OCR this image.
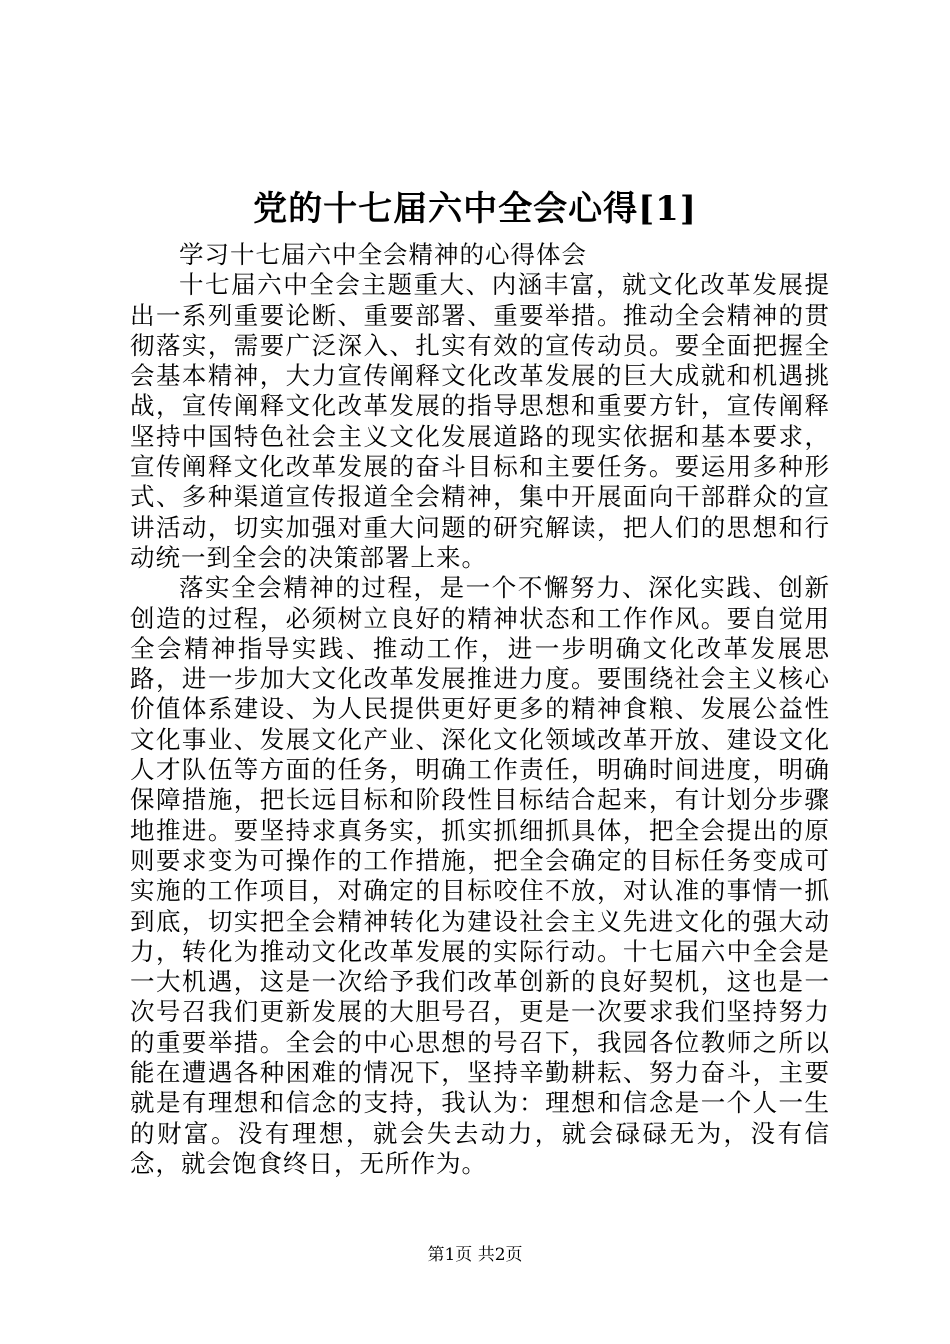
党的十七届六中全会心得[1]

学习十七届六中全会精神的心得体会

十七届六中全会主题重大、内涵丰富，就文化改革发展提出一系列重要论断、重要部署、重要举措。推动全会精神的贯彻落实，需要广泛深入、扎实有效的宣传动员。要全面把握全会基本精神，大力宣传阐释文化改革发展的巨大成就和机遇挑战，宣传阐释文化改革发展的指导思想和重要方针，宣传阐释坚持中国特色社会主义文化发展道路的现实依据和基本要求，宣传阐释文化改革发展的奋斗目标和主要任务。要运用多种形式、多种渠道宣传报道全会精神，集中开展面向干部群众的宣讲活动，切实加强对重大问题的研究解读，把人们的思想和行动统一到全会的决策部署上来。

落实全会精神的过程，是一个不懈努力、深化实践、创新创造的过程，必须树立良好的精神状态和工作作风。要自觉用全会精神指导实践、推动工作，进一步明确文化改革发展思路，进一步加大文化改革发展推进力度。要围绕社会主义核心价值体系建设、为人民提供更好更多的精神食粮、发展公益性文化事业、发展文化产业、深化文化领域改革开放、建设文化人才队伍等方面的任务，明确工作责任，明确时间进度，明确保障措施，把长远目标和阶段性目标结合起来，有计划分步骤地推进。要坚持求真务实，抓实抓细抓具体，把全会提出的原则要求变为可操作的工作措施，把全会确定的目标任务变成可实施的工作项目，对确定的目标咬住不放，对认准的事情一抓到底，切实把全会精神转化为建设社会主义先进文化的强大动力，转化为推动文化改革发展的实际行动。十七届六中全会是一大机遇，这是一次给予我们改革创新的良好契机，这也是一次号召我们更新发展的大胆号召，更是一次要求我们坚持努力的重要举措。全会的中心思想的号召下，我园各位教师之所以能在遭遇各种困难的情况下，坚持辛勤耕耘、努力奋斗，主要就是有理想和信念的支持，我认为：理想和信念是一个人一生的财富。没有理想，就会失去动力，就会碌碌无为，没有信念，就会饱食终日，无所作为。

第1页 共2页
